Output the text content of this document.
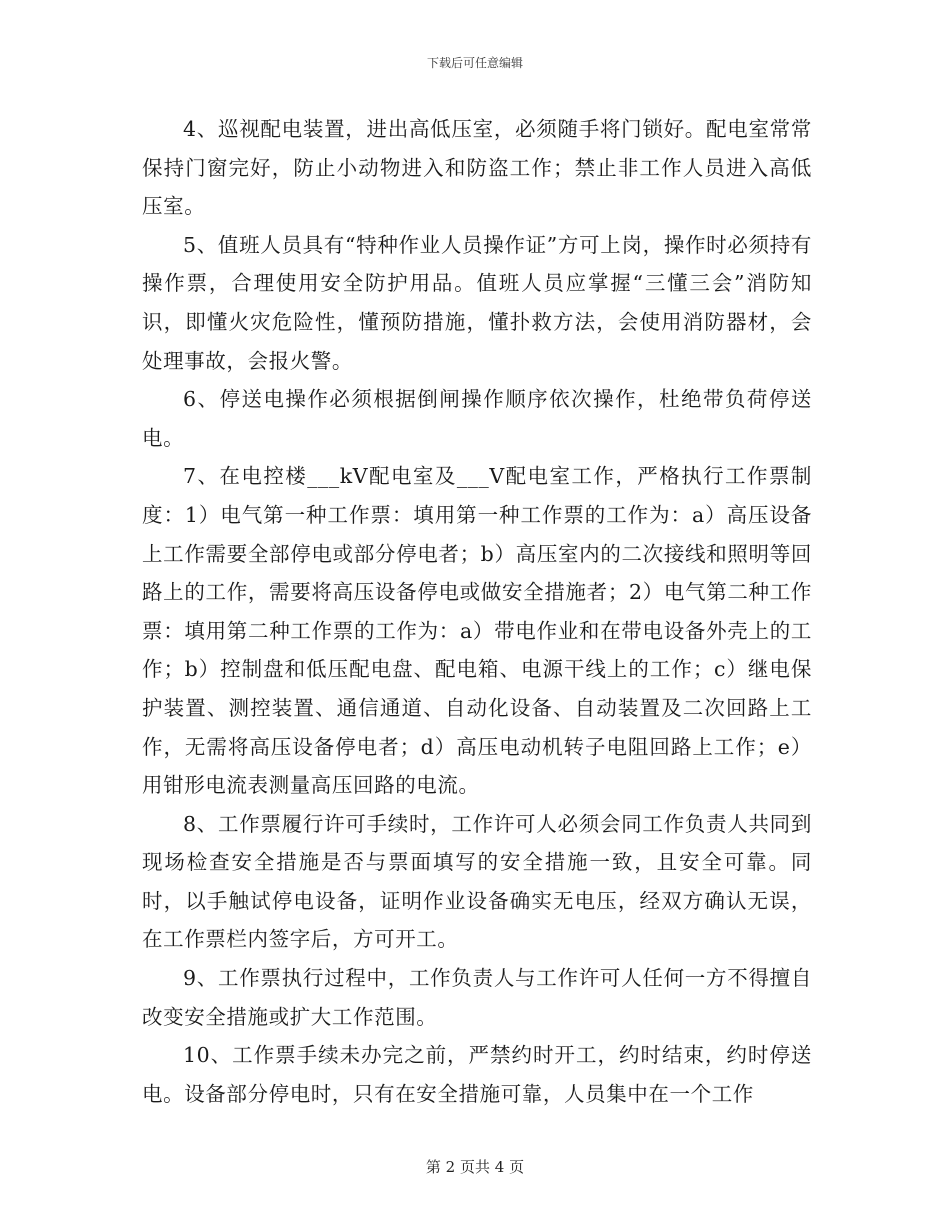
下载后可任意编辑

4、巡视配电装置，进出高低压室，必须随手将门锁好。配电室常常保持门窗完好，防止小动物进入和防盗工作；禁止非工作人员进入高低压室。

5、值班人员具有“特种作业人员操作证”方可上岗，操作时必须持有操作票，合理使用安全防护用品。值班人员应掌握“三懂三会”消防知识，即懂火灾危险性，懂预防措施，懂扑救方法，会使用消防器材，会处理事故，会报火警。

6、停送电操作必须根据倒闸操作顺序依次操作，杜绝带负荷停送电。

7、在电控楼___kV配电室及___V配电室工作，严格执行工作票制度：1）电气第一种工作票：填用第一种工作票的工作为：a）高压设备上工作需要全部停电或部分停电者；b）高压室内的二次接线和照明等回路上的工作，需要将高压设备停电或做安全措施者；2）电气第二种工作票：填用第二种工作票的工作为：a）带电作业和在带电设备外壳上的工作；b）控制盘和低压配电盘、配电箱、电源干线上的工作；c）继电保护装置、测控装置、通信通道、自动化设备、自动装置及二次回路上工作，无需将高压设备停电者；d）高压电动机转子电阻回路上工作；e）用钳形电流表测量高压回路的电流。

8、工作票履行许可手续时，工作许可人必须会同工作负责人共同到现场检查安全措施是否与票面填写的安全措施一致，且安全可靠。同时，以手触试停电设备，证明作业设备确实无电压，经双方确认无误，在工作票栏内签字后，方可开工。

9、工作票执行过程中，工作负责人与工作许可人任何一方不得擅自改变安全措施或扩大工作范围。

10、工作票手续未办完之前，严禁约时开工，约时结束，约时停送电。设备部分停电时，只有在安全措施可靠，人员集中在一个工作

第 2 页共 4 页
